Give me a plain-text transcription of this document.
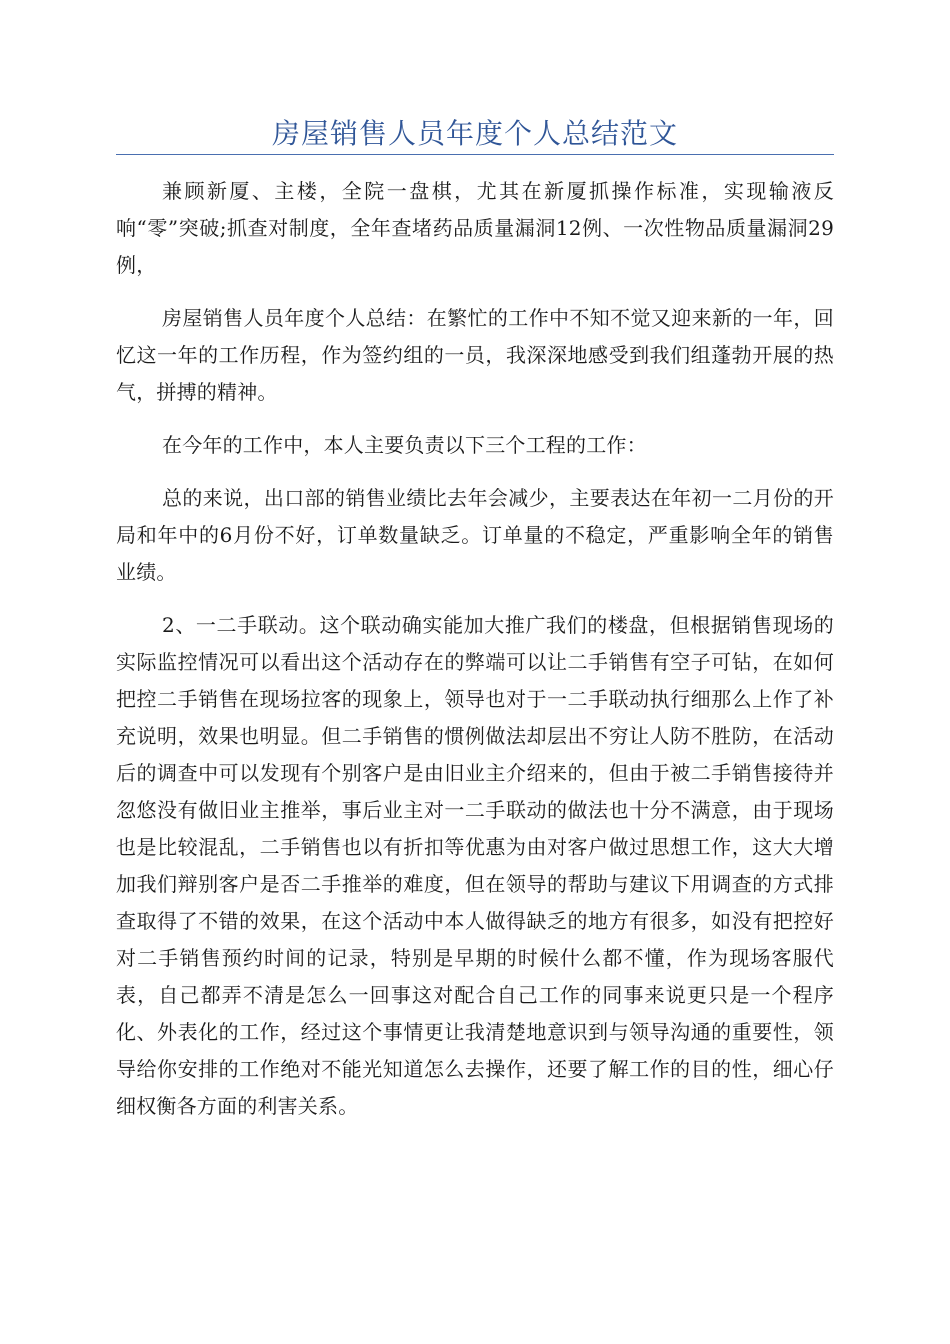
房屋销售人员年度个人总结范文

兼顾新厦、主楼，全院一盘棋，尤其在新厦抓操作标准，实现输液反响“零”突破;抓查对制度，全年查堵药品质量漏洞12例、一次性物品质量漏洞29例，

房屋销售人员年度个人总结：在繁忙的工作中不知不觉又迎来新的一年，回忆这一年的工作历程，作为签约组的一员，我深深地感受到我们组蓬勃开展的热气，拼搏的精神。

在今年的工作中，本人主要负责以下三个工程的工作：

总的来说，出口部的销售业绩比去年会减少，主要表达在年初一二月份的开局和年中的6月份不好，订单数量缺乏。订单量的不稳定，严重影响全年的销售业绩。

2、一二手联动。这个联动确实能加大推广我们的楼盘，但根据销售现场的实际监控情况可以看出这个活动存在的弊端可以让二手销售有空子可钻，在如何把控二手销售在现场拉客的现象上，领导也对于一二手联动执行细那么上作了补充说明，效果也明显。但二手销售的惯例做法却层出不穷让人防不胜防，在活动后的调查中可以发现有个别客户是由旧业主介绍来的，但由于被二手销售接待并忽悠没有做旧业主推举，事后业主对一二手联动的做法也十分不满意，由于现场也是比较混乱，二手销售也以有折扣等优惠为由对客户做过思想工作，这大大增加我们辩别客户是否二手推举的难度，但在领导的帮助与建议下用调查的方式排查取得了不错的效果，在这个活动中本人做得缺乏的地方有很多，如没有把控好对二手销售预约时间的记录，特别是早期的时候什么都不懂，作为现场客服代表，自己都弄不清是怎么一回事这对配合自己工作的同事来说更只是一个程序化、外表化的工作，经过这个事情更让我清楚地意识到与领导沟通的重要性，领导给你安排的工作绝对不能光知道怎么去操作，还要了解工作的目的性，细心仔细权衡各方面的利害关系。
